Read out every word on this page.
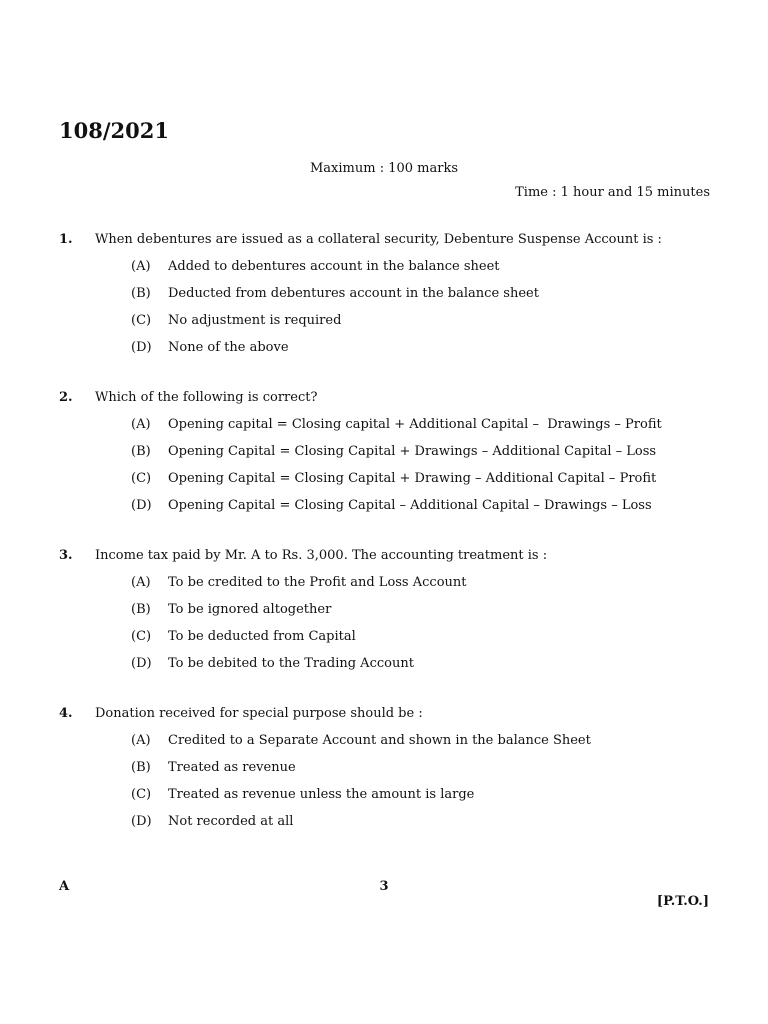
108/2021
Maximum : 100 marks
Time : 1 hour and 15 minutes
1.	When debentures are issued as a collateral security, Debenture Suspense Account is :
(A)	Added to debentures account in the balance sheet
(B)	Deducted from debentures account in the balance sheet
(C)	No adjustment is required
(D)	None of the above
2.	Which of the following is correct?
(A)	Opening capital = Closing capital + Additional Capital –  Drawings – Profit
(B)	Opening Capital = Closing Capital + Drawings – Additional Capital – Loss
(C)	Opening Capital = Closing Capital + Drawing – Additional Capital – Profit
(D)	Opening Capital = Closing Capital – Additional Capital – Drawings – Loss
3.	Income tax paid by Mr. A to Rs. 3,000. The accounting treatment is :
(A)	To be credited to the Profit and Loss Account
(B)	To be ignored altogether
(C)	To be deducted from Capital
(D)	To be debited to the Trading Account
4.	Donation received for special purpose should be :
(A)	Credited to a Separate Account and shown in the balance Sheet
(B)	Treated as revenue
(C)	Treated as revenue unless the amount is large
(D)	Not recorded at all
A	3
[P.T.O.]
